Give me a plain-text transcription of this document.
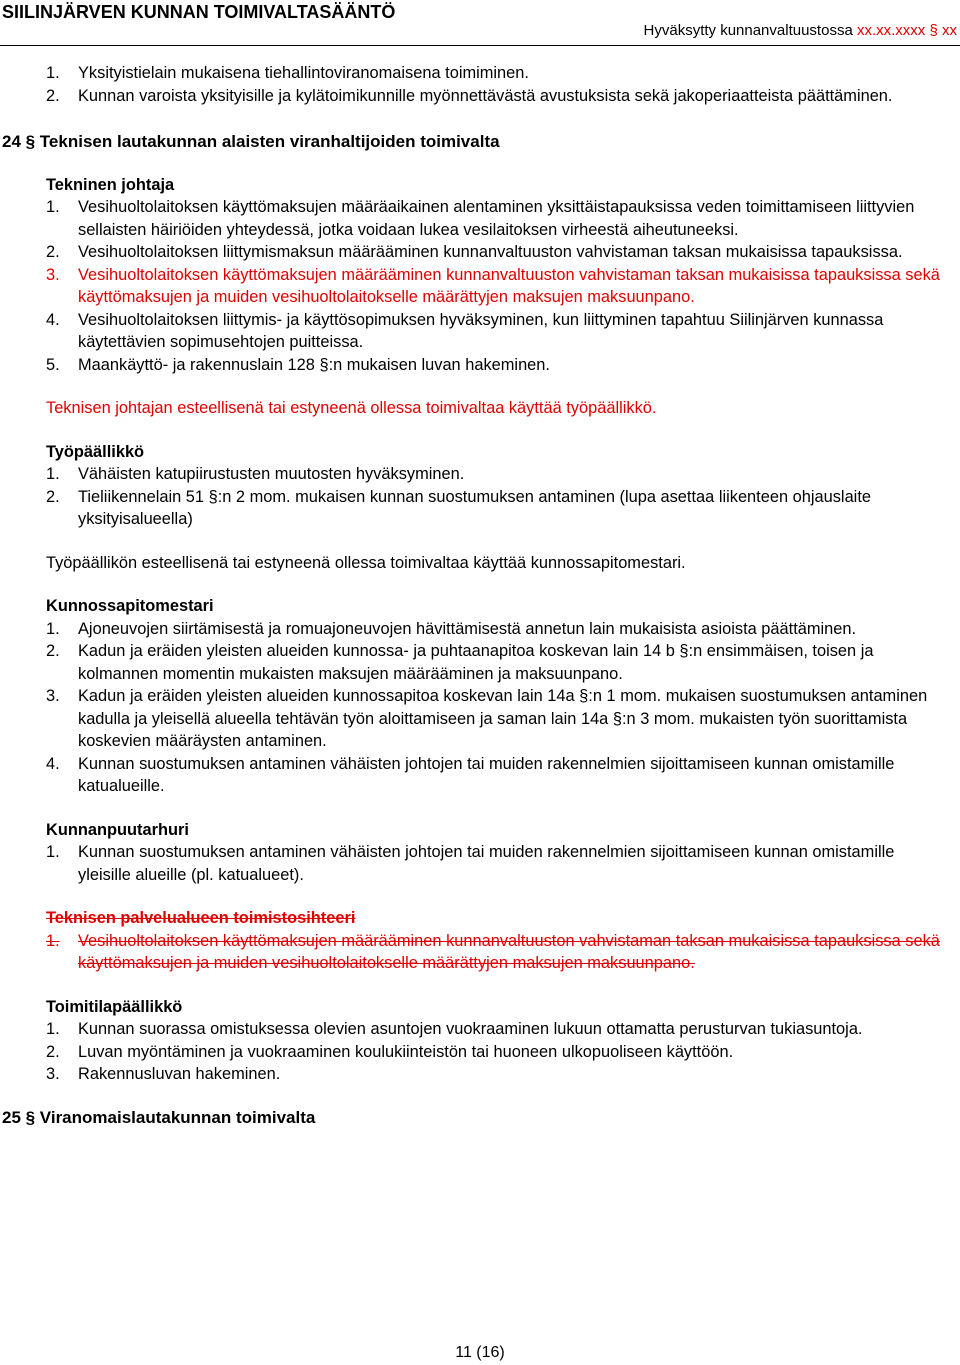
SIILINJÄRVEN KUNNAN TOIMIVALTASÄÄNTÖ
Hyväksytty kunnanvaltuustossa xx.xx.xxxx § xx
1.	Yksityistielain mukaisena tiehallintoviranomaisena toimiminen.
2.	Kunnan varoista yksityisille ja kylätoimikunnille myönnettävästä avustuksista sekä jakoperiaatteista päättäminen.
24 § Teknisen lautakunnan alaisten viranhaltijoiden toimivalta
Tekninen johtaja
1.	Vesihuoltolaitoksen käyttömaksujen määräaikainen alentaminen yksittäistapauksissa veden toimittamiseen liittyvien sellaisten häiriöiden yhteydessä, jotka voidaan lukea vesilaitoksen virheestä aiheutuneeksi.
2.	Vesihuoltolaitoksen liittymismaksun määrääminen kunnanvaltuuston vahvistaman taksan mukaisissa tapauksissa.
3.	Vesihuoltolaitoksen käyttömaksujen määrääminen kunnanvaltuuston vahvistaman taksan mukaisissa tapauksissa sekä käyttömaksujen ja muiden vesihuoltolaitokselle määrättyjen maksujen maksuunpano.
4.	Vesihuoltolaitoksen liittymis- ja käyttösopimuksen hyväksyminen, kun liittyminen tapahtuu Siilinjärven kunnassa käytettävien sopimusehtojen puitteissa.
5.	Maankäyttö- ja rakennuslain 128 §:n mukaisen luvan hakeminen.
Teknisen johtajan esteellisenä tai estyneenä ollessa toimivaltaa käyttää työpäällikkö.
Työpäällikkö
1.	Vähäisten katupiirustusten muutosten hyväksyminen.
2.	Tieliikennelain 51 §:n 2 mom. mukaisen kunnan suostumuksen antaminen (lupa asettaa liikenteen ohjauslaite yksityisalueella)
Työpäällikön esteellisenä tai estyneenä ollessa toimivaltaa käyttää kunnossapitomestari.
Kunnossapitomestari
1.	Ajoneuvojen siirtämisestä ja romuajoneuvojen hävittämisestä annetun lain mukaisista asioista päättäminen.
2.	Kadun ja eräiden yleisten alueiden kunnossa- ja puhtaanapitoa koskevan lain 14 b §:n ensimmäisen, toisen ja kolmannen momentin mukaisten maksujen määrääminen ja maksuunpano.
3.	Kadun ja eräiden yleisten alueiden kunnossapitoa koskevan lain 14a §:n 1 mom. mukaisen suostumuksen antaminen kadulla ja yleisellä alueella tehtävän työn aloittamiseen ja saman lain 14a §:n 3 mom. mukaisten työn suorittamista koskevien määräysten antaminen.
4.	Kunnan suostumuksen antaminen vähäisten johtojen tai muiden rakennelmien sijoittamiseen kunnan omistamille katualueille.
Kunnanpuutarhuri
1.	Kunnan suostumuksen antaminen vähäisten johtojen tai muiden rakennelmien sijoittamiseen kunnan omistamille yleisille alueille (pl. katualueet).
Teknisen palvelualueen toimistosihteeri
1.	Vesihuoltolaitoksen käyttömaksujen määrääminen kunnanvaltuuston vahvistaman taksan mukaisissa tapauksissa sekä käyttömaksujen ja muiden vesihuoltolaitokselle määrättyjen maksujen maksuunpano.
Toimitilapäällikkö
1.	Kunnan suorassa omistuksessa olevien asuntojen vuokraaminen lukuun ottamatta perusturvan tukiasuntoja.
2.	Luvan myöntäminen ja vuokraaminen koulukiinteistön tai huoneen ulkopuoliseen käyttöön.
3.	Rakennusluvan hakeminen.
25 § Viranomaislautakunnan toimivalta
11 (16)
